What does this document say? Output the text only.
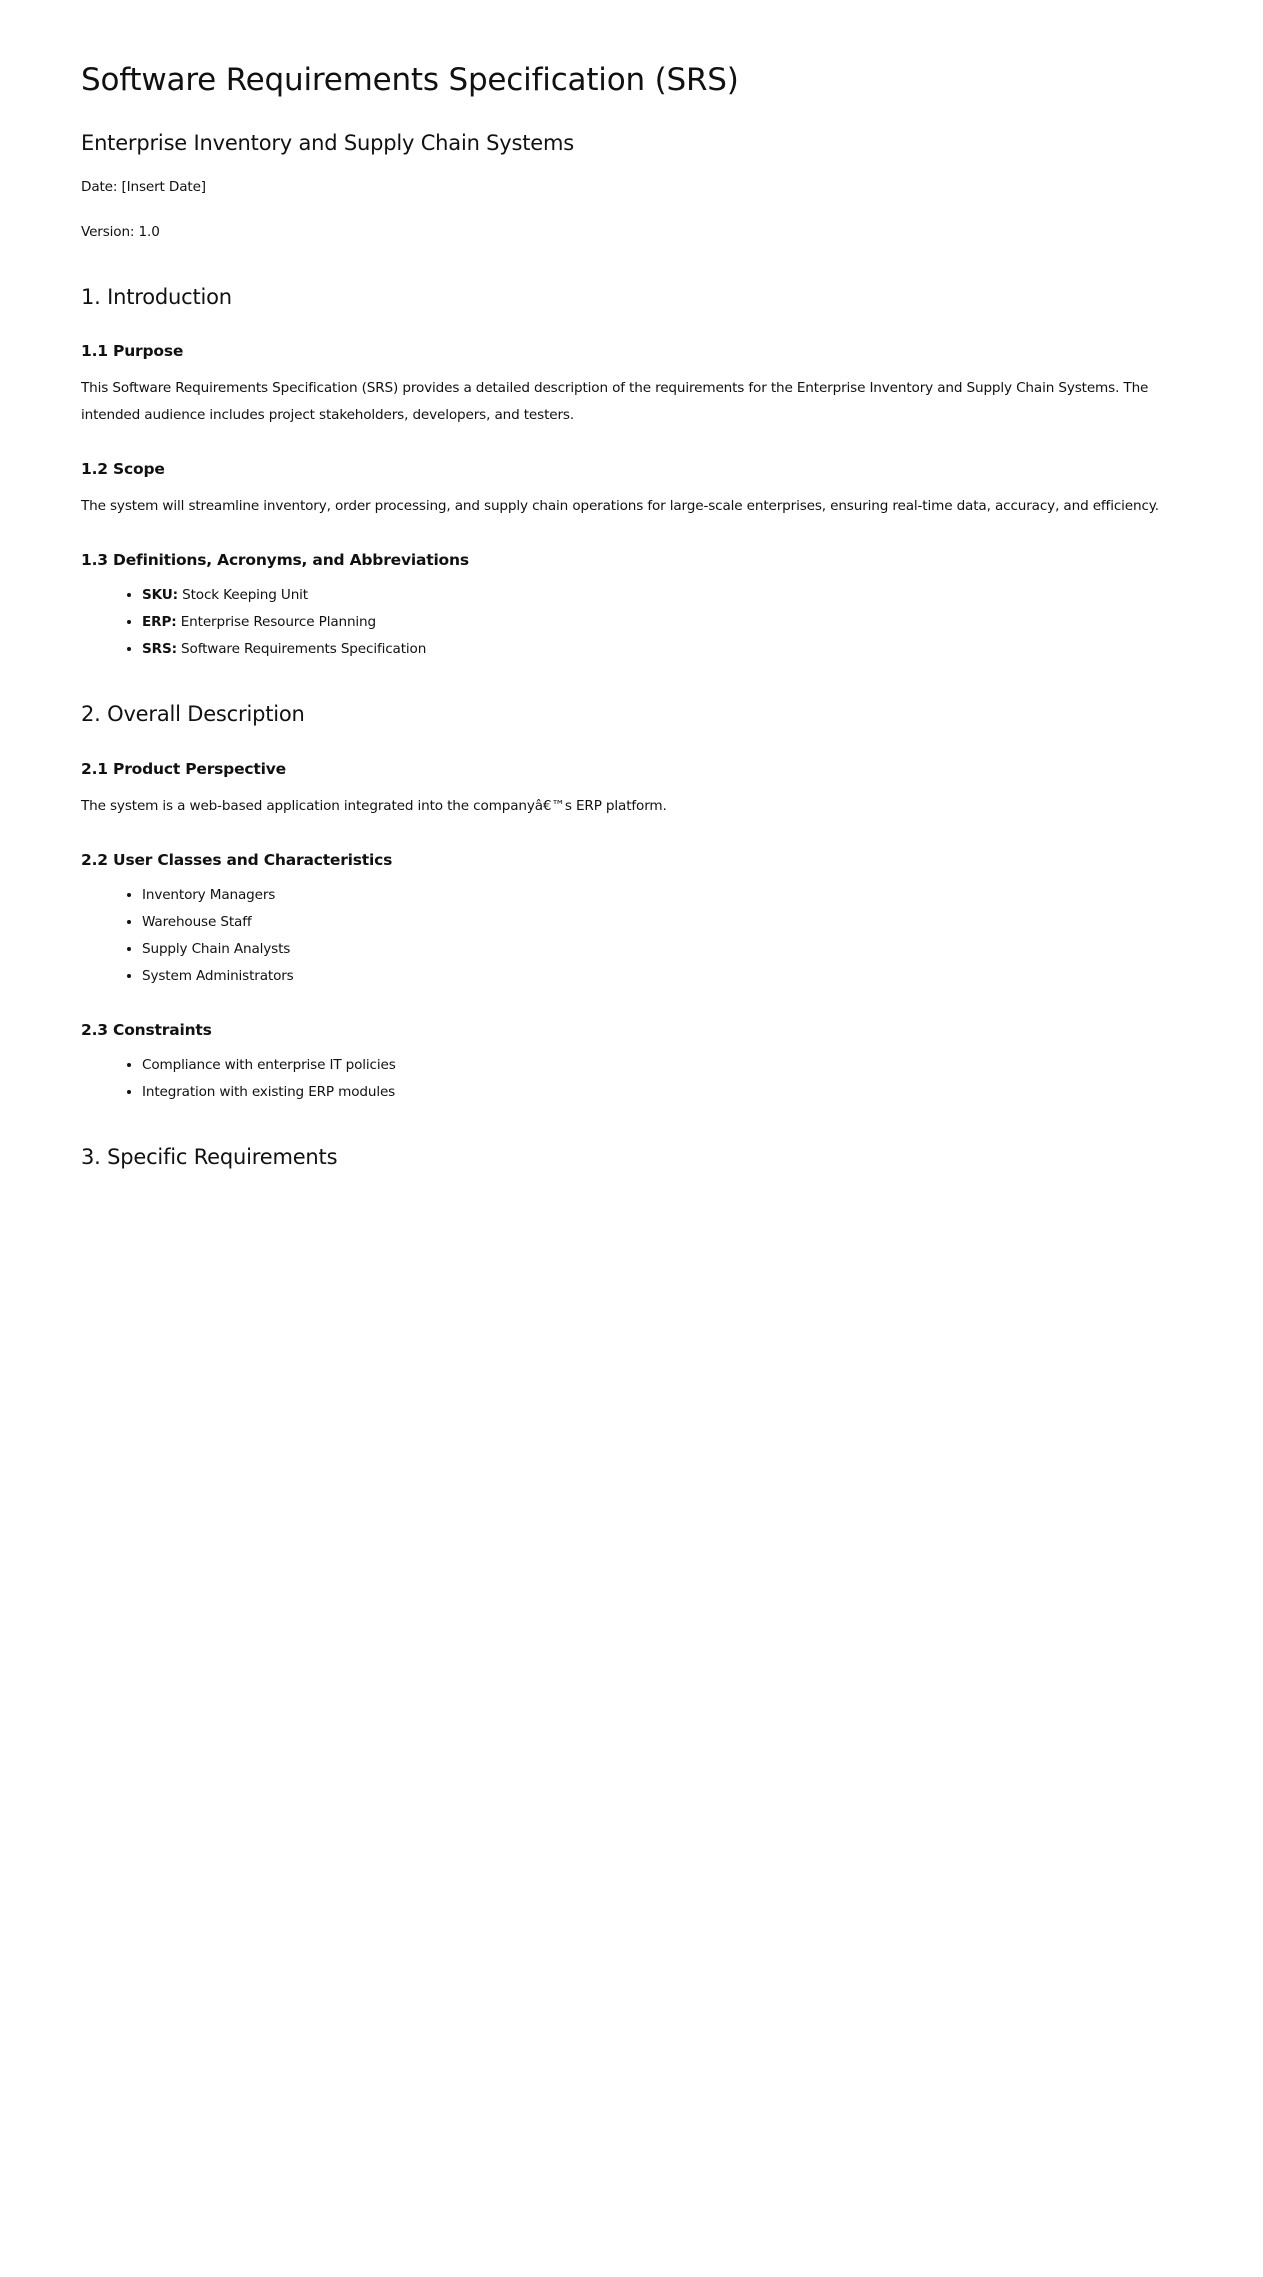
Software Requirements Specification (SRS)
Enterprise Inventory and Supply Chain Systems

Date: [Insert Date]

Version: 1.0

1. Introduction
1.1 Purpose

This Software Requirements Specification (SRS) provides a detailed description of the requirements for the Enterprise Inventory and Supply Chain Systems. The intended audience includes project stakeholders, developers, and testers.

1.2 Scope

The system will streamline inventory, order processing, and supply chain operations for large-scale enterprises, ensuring real-time data, accuracy, and efficiency.

1.3 Definitions, Acronyms, and Abbreviations
• SKU: Stock Keeping Unit
• ERP: Enterprise Resource Planning
• SRS: Software Requirements Specification
2. Overall Description
2.1 Product Perspective

The system is a web-based application integrated into the companyâ€™s ERP platform.

2.2 User Classes and Characteristics
• Inventory Managers
• Warehouse Staff
• Supply Chain Analysts
• System Administrators
2.3 Constraints
• Compliance with enterprise IT policies
• Integration with existing ERP modules
3. Specific Requirements
